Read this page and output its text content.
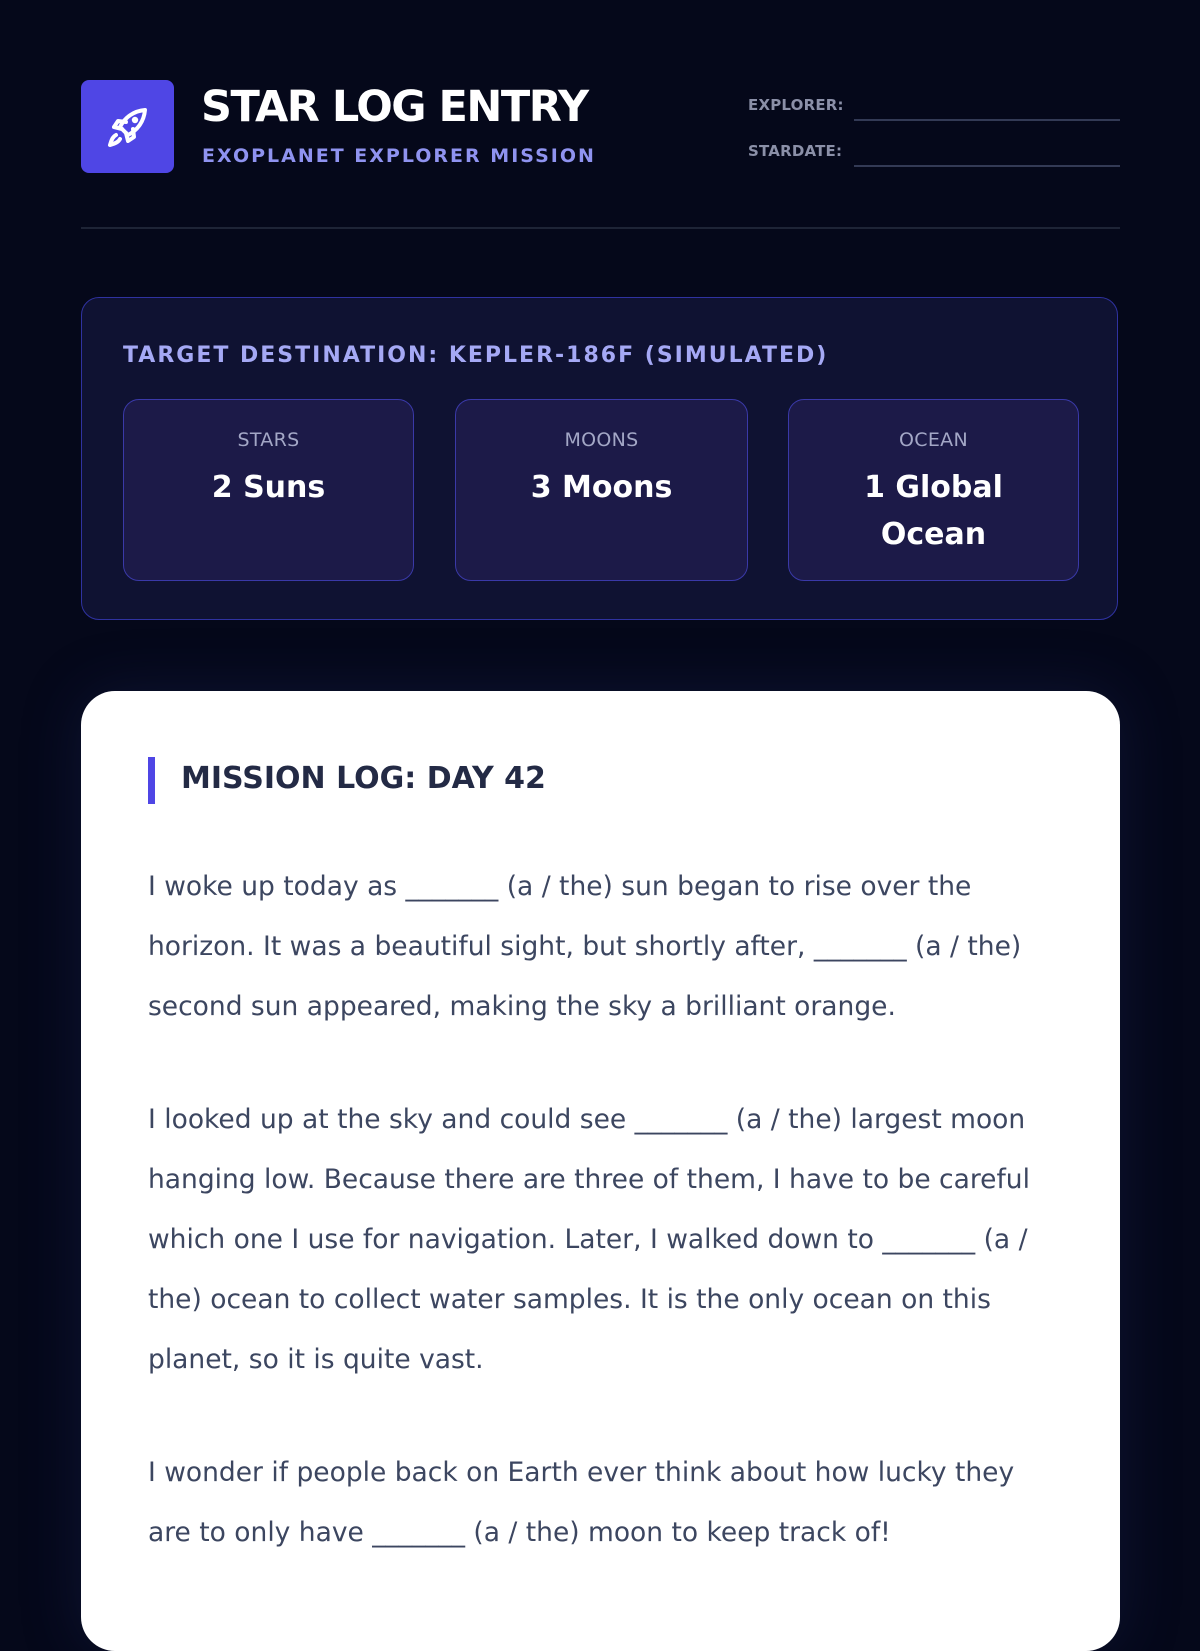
STAR LOG ENTRY
EXOPLANET EXPLORER MISSION
EXPLORER:
STARDATE:
TARGET DESTINATION: KEPLER-186F (SIMULATED)
STARS
2 Suns
MOONS
3 Moons
OCEAN
1 Global Ocean
MISSION LOG: DAY 42

I woke up today as _______ (a / the) sun began to rise over the horizon. It was a beautiful sight, but shortly after, _______ (a / the) second sun appeared, making the sky a brilliant orange.

I looked up at the sky and could see _______ (a / the) largest moon hanging low. Because there are three of them, I have to be careful which one I use for navigation. Later, I walked down to _______ (a / the) ocean to collect water samples. It is the only ocean on this planet, so it is quite vast.

I wonder if people back on Earth ever think about how lucky they are to only have _______ (a / the) moon to keep track of!
